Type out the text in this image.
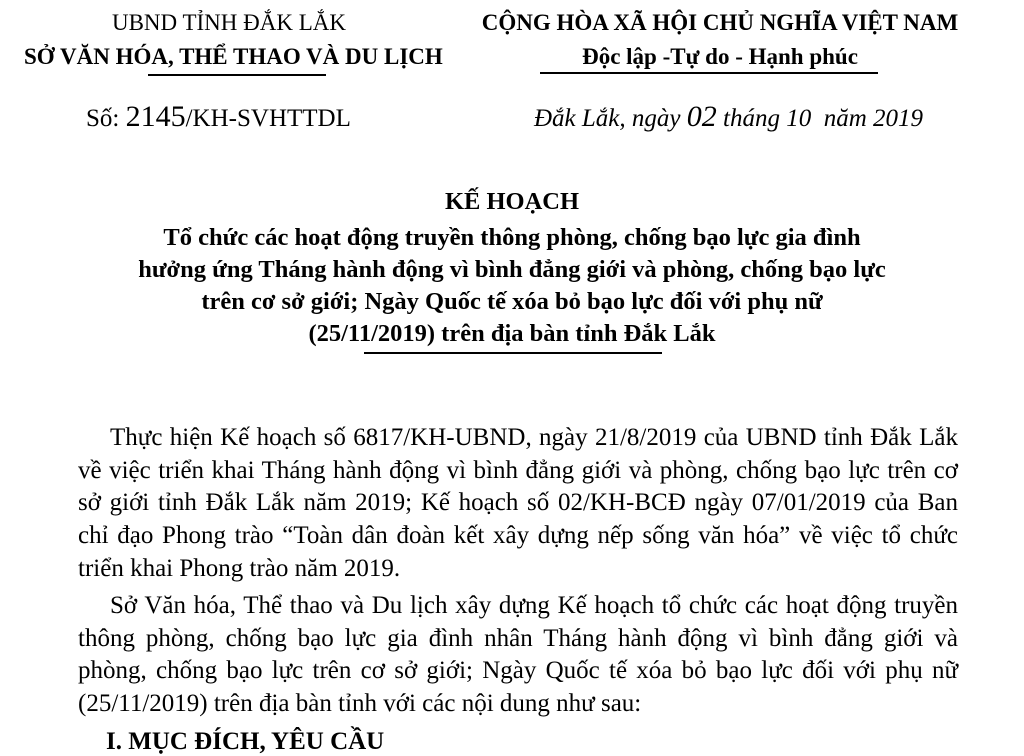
UBND TỈNH ĐẮK LẮK
SỞ VĂN HÓA, THỂ THAO VÀ DU LỊCH
CỘNG HÒA XÃ HỘI CHỦ NGHĨA VIỆT NAM
Độc lập -Tự do - Hạnh phúc
Số: 2145/KH-SVHTTDL	Đắk Lắk, ngày 02 tháng 10 năm 2019
KẾ HOẠCH
Tổ chức các hoạt động truyền thông phòng, chống bạo lực gia đình
hưởng ứng Tháng hành động vì bình đẳng giới và phòng, chống bạo lực
trên cơ sở giới; Ngày Quốc tế xóa bỏ bạo lực đối với phụ nữ
(25/11/2019) trên địa bàn tỉnh Đắk Lắk
Thực hiện Kế hoạch số 6817/KH-UBND, ngày 21/8/2019 của UBND tỉnh Đắk Lắk về việc triển khai Tháng hành động vì bình đẳng giới và phòng, chống bạo lực trên cơ sở giới tỉnh Đắk Lắk năm 2019; Kế hoạch số 02/KH-BCĐ ngày 07/01/2019 của Ban chỉ đạo Phong trào “Toàn dân đoàn kết xây dựng nếp sống văn hóa” về việc tổ chức triển khai Phong trào năm 2019.
Sở Văn hóa, Thể thao và Du lịch xây dựng Kế hoạch tổ chức các hoạt động truyền thông phòng, chống bạo lực gia đình nhân Tháng hành động vì bình đẳng giới và phòng, chống bạo lực trên cơ sở giới; Ngày Quốc tế xóa bỏ bạo lực đối với phụ nữ (25/11/2019) trên địa bàn tỉnh với các nội dung như sau:
I. MỤC ĐÍCH, YÊU CẦU
